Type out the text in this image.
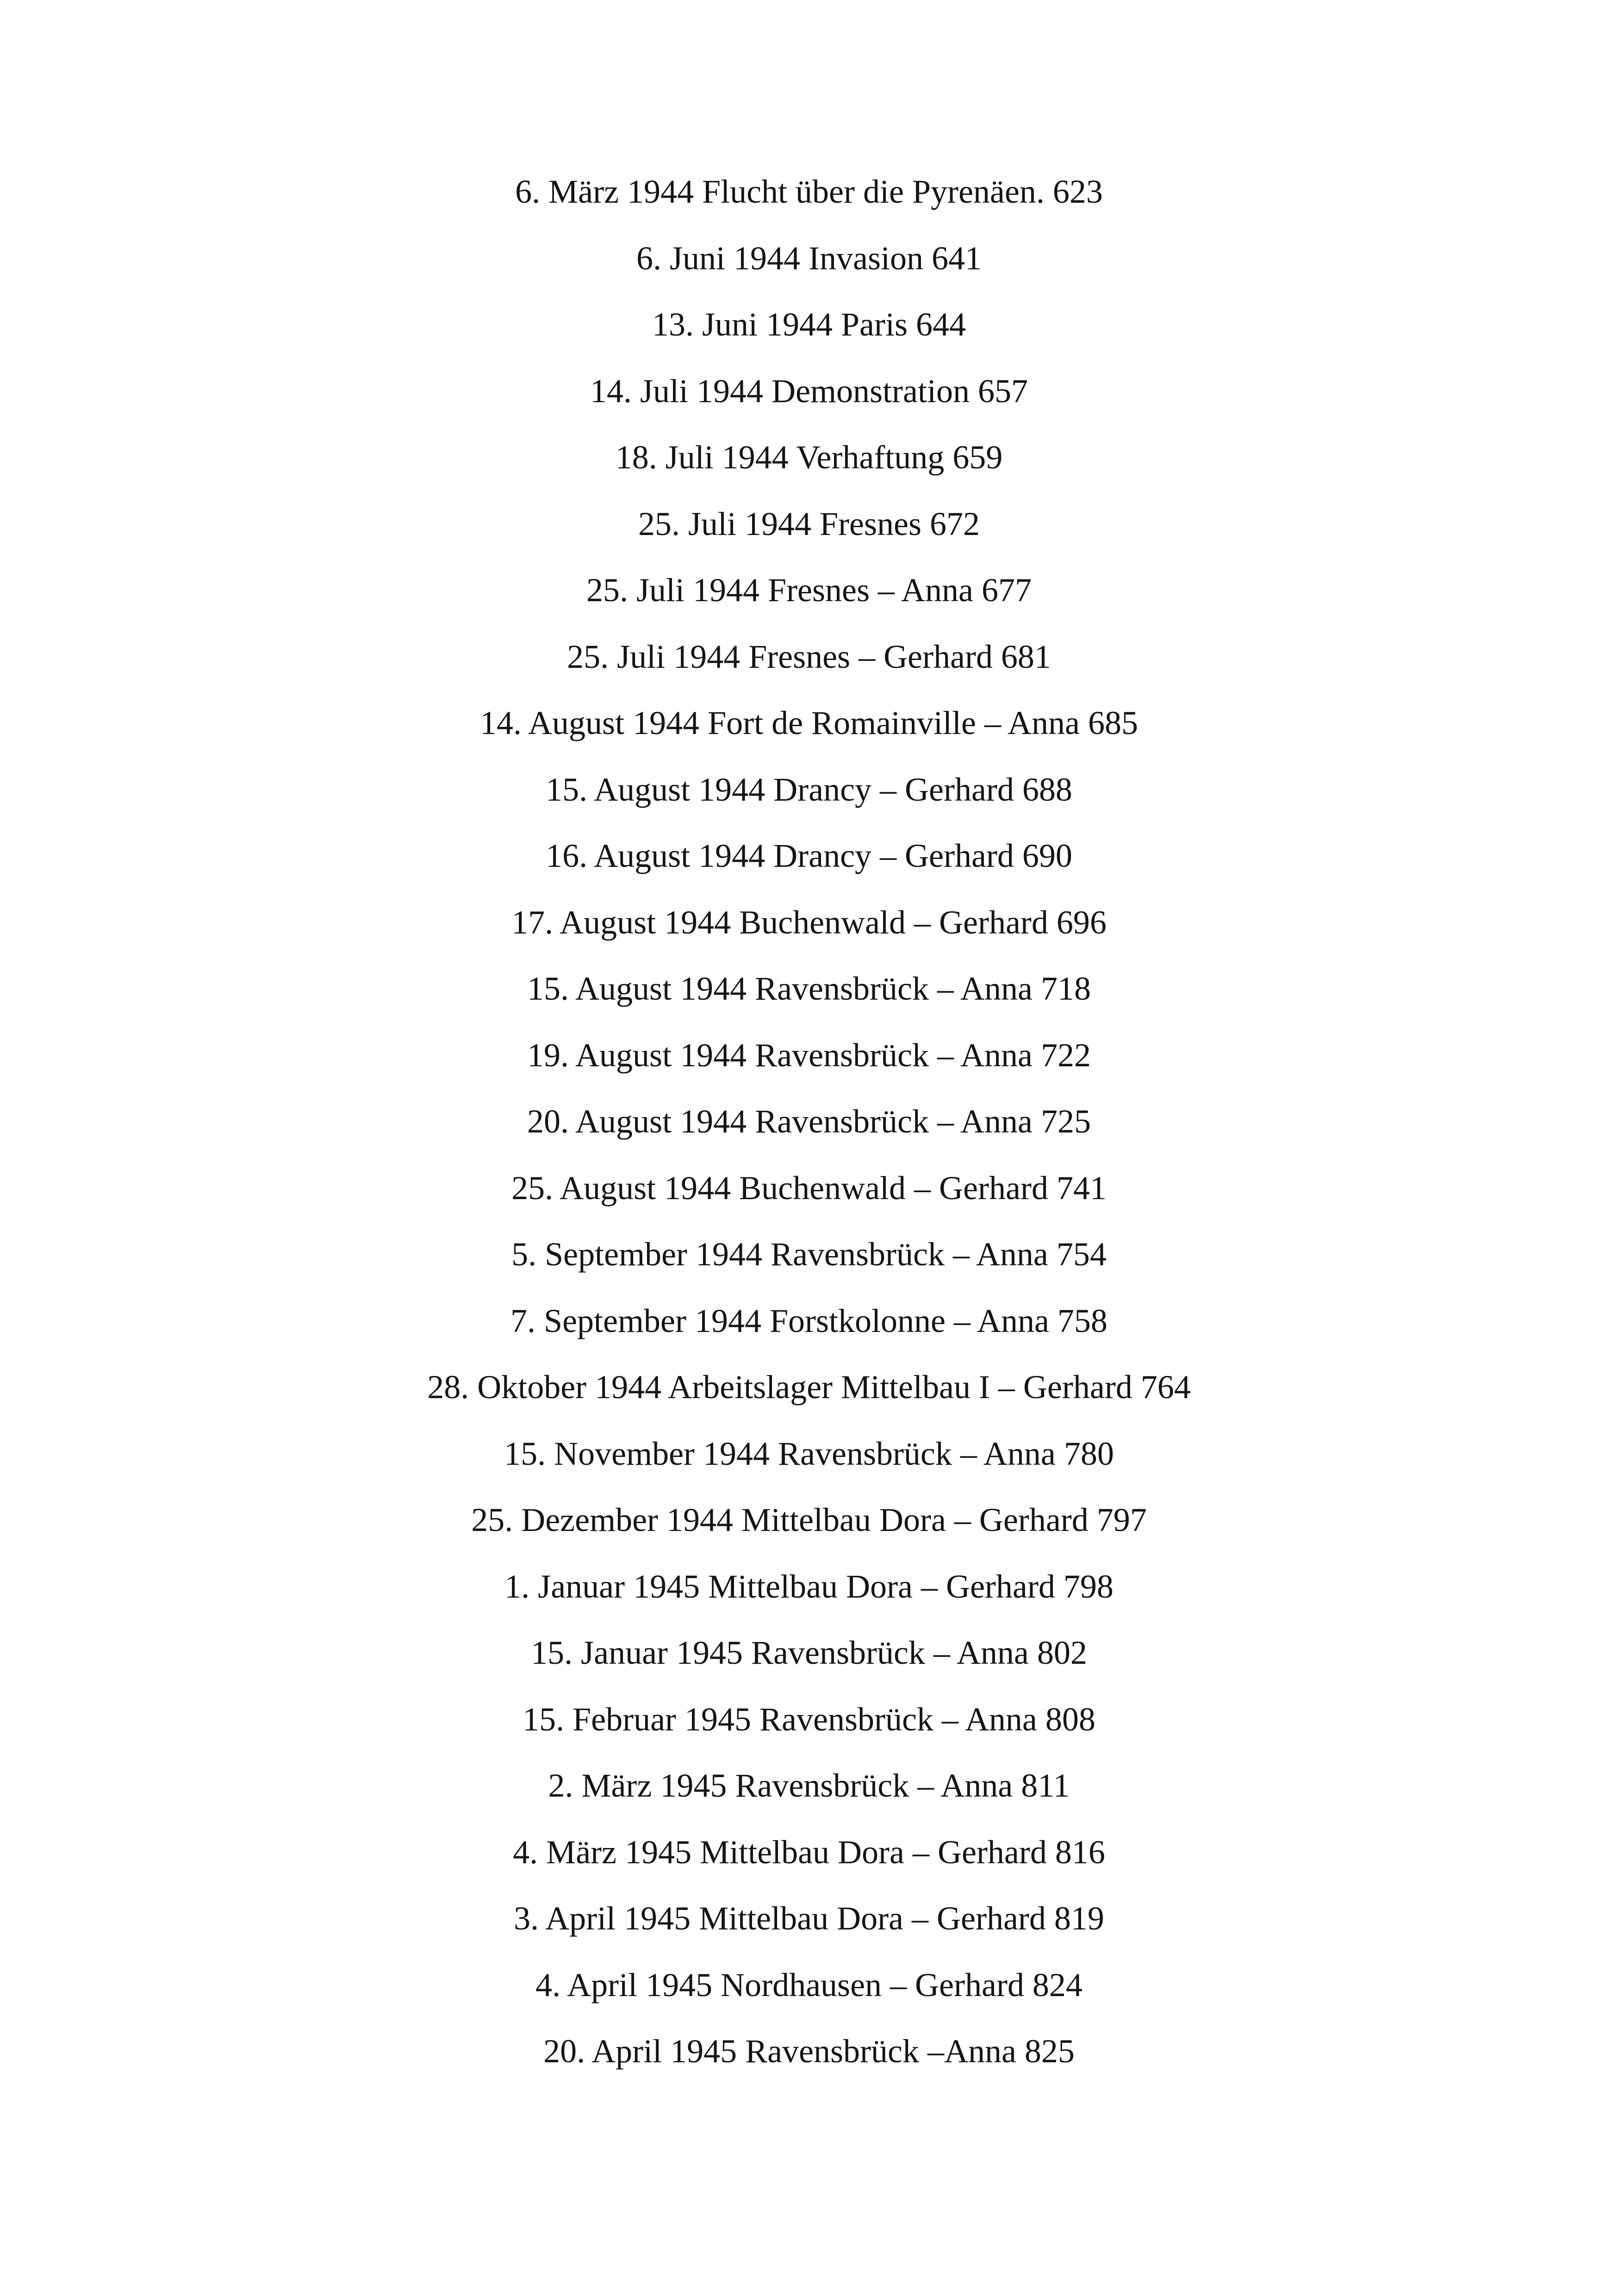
6. März 1944 Flucht über die Pyrenäen. 623
6. Juni 1944 Invasion 641
13. Juni 1944 Paris 644
14. Juli 1944 Demonstration 657
18. Juli 1944 Verhaftung 659
25. Juli 1944 Fresnes 672
25. Juli 1944 Fresnes – Anna 677
25. Juli 1944 Fresnes – Gerhard 681
14. August 1944 Fort de Romainville – Anna 685
15. August 1944 Drancy – Gerhard 688
16. August 1944 Drancy – Gerhard 690
17. August 1944 Buchenwald – Gerhard 696
15. August 1944 Ravensbrück – Anna 718
19. August 1944 Ravensbrück – Anna 722
20. August 1944 Ravensbrück – Anna 725
25. August 1944 Buchenwald – Gerhard 741
5. September 1944 Ravensbrück – Anna 754
7. September 1944 Forstkolonne – Anna 758
28. Oktober 1944 Arbeitslager Mittelbau I – Gerhard 764
15. November 1944 Ravensbrück – Anna 780
25. Dezember 1944 Mittelbau Dora – Gerhard 797
1. Januar 1945 Mittelbau Dora – Gerhard 798
15. Januar 1945 Ravensbrück – Anna 802
15. Februar 1945 Ravensbrück – Anna 808
2. März 1945 Ravensbrück – Anna 811
4. März 1945 Mittelbau Dora – Gerhard 816
3. April 1945 Mittelbau Dora – Gerhard 819
4. April 1945 Nordhausen – Gerhard 824
20. April 1945 Ravensbrück –Anna 825
